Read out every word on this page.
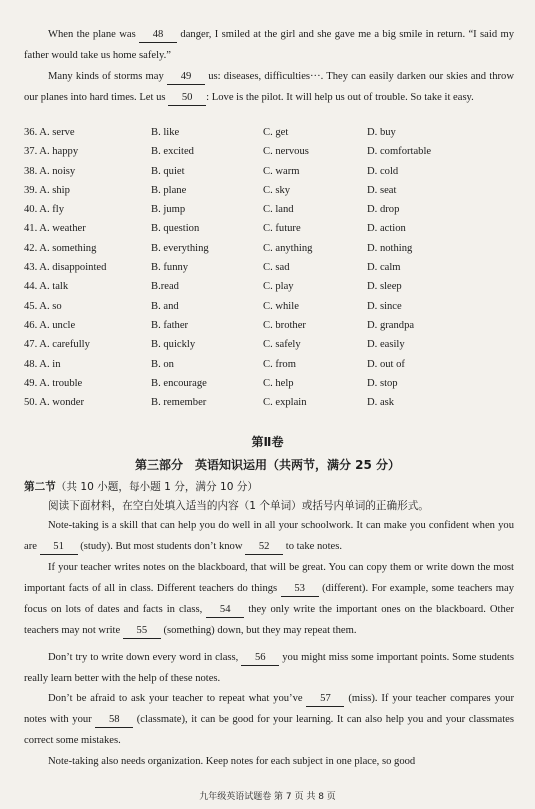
When the plane was 48 danger, I smiled at the girl and she gave me a big smile in return. “I said my father would take us home safely.”

Many kinds of storms may 49 us: diseases, difficulties···. They can easily darken our skies and throw our planes into hard times. Let us 50 : Love is the pilot. It will help us out of trouble. So take it easy.

36. A. serve	B. like	C. get	D. buy
37. A. happy	B. excited	C. nervous	D. comfortable
38. A. noisy	B. quiet	C. warm	D. cold
39. A. ship	B. plane	C. sky	D. seat
40. A. fly	B. jump	C. land	D. drop
41. A. weather	B. question	C. future	D. action
42. A. something	B. everything	C. anything	D. nothing
43. A. disappointed	B. funny	C. sad	D. calm
44. A. talk	B.read	C. play	D. sleep
45. A. so	B. and	C. while	D. since
46. A. uncle	B. father	C. brother	D. grandpa
47. A. carefully	B. quickly	C. safely	D. easily
48. A. in	B. on	C. from	D. out of
49. A. trouble	B. encourage	C. help	D. stop
50. A. wonder	B. remember	C. explain	D. ask
第Ⅱ卷
第三部分　英语知识运用（共两节，满分 25 分）
第二节（共 10 小题，每小题 1 分，满分 10 分）
阅读下面材料，在空白处填入适当的内容（1 个单词）或括号内单词的正确形式。

Note-taking is a skill that can help you do well in all your schoolwork. It can make you confident when you are 51 (study). But most students don’t know 52 to take notes.

If your teacher writes notes on the blackboard, that will be great. You can copy them or write down the most important facts of all in class. Different teachers do things 53 (different). For example, some teachers may focus on lots of dates and facts in class, 54 they only write the important ones on the blackboard. Other teachers may not write 55 (something) down, but they may repeat them.

Don’t try to write down every word in class, 56 you might miss some important points. Some students really learn better with the help of these notes.

Don’t be afraid to ask your teacher to repeat what you’ve 57 (miss). If your teacher compares your notes with your 58 (classmate), it can be good for your learning. It can also help you and your classmates correct some mistakes.

Note-taking also needs organization. Keep notes for each subject in one place, so good

九年级英语试题卷 第 7 页 共 8 页
